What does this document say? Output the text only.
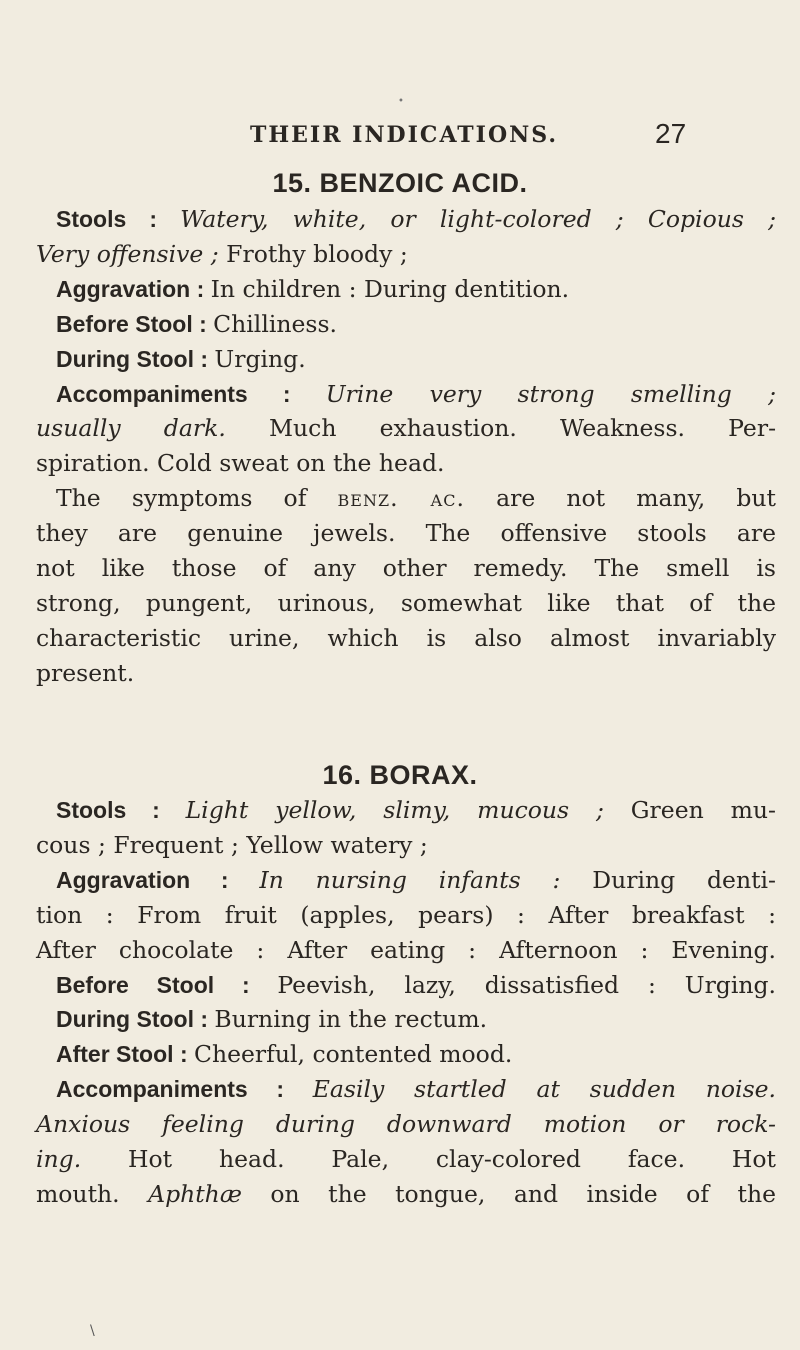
•
THEIR INDICATIONS.	27
15. BENZOIC ACID.
Stools : Watery, white, or light-colored ; Copious ;
Very offensive ; Frothy bloody ;
Aggravation : In children : During dentition.
Before Stool : Chilliness.
During Stool : Urging.
Accompaniments : Urine very strong smelling ;
usually dark. Much exhaustion. Weakness. Per-
spiration. Cold sweat on the head.
The symptoms of benz. ac. are not many, but
they are genuine jewels. The offensive stools are
not like those of any other remedy. The smell is
strong, pungent, urinous, somewhat like that of the
characteristic urine, which is also almost invariably
present.
16. BORAX.
Stools : Light yellow, slimy, mucous ; Green mu-
cous ; Frequent ; Yellow watery ;
Aggravation : In nursing infants : During denti-
tion : From fruit (apples, pears) : After breakfast :
After chocolate : After eating : Afternoon : Evening.
Before Stool : Peevish, lazy, dissatisfied : Urging.
During Stool : Burning in the rectum.
After Stool : Cheerful, contented mood.
Accompaniments : Easily startled at sudden noise.
Anxious feeling during downward motion or rock-
ing. Hot head. Pale, clay-colored face. Hot
mouth. Aphthæ on the tongue, and inside of the
\
